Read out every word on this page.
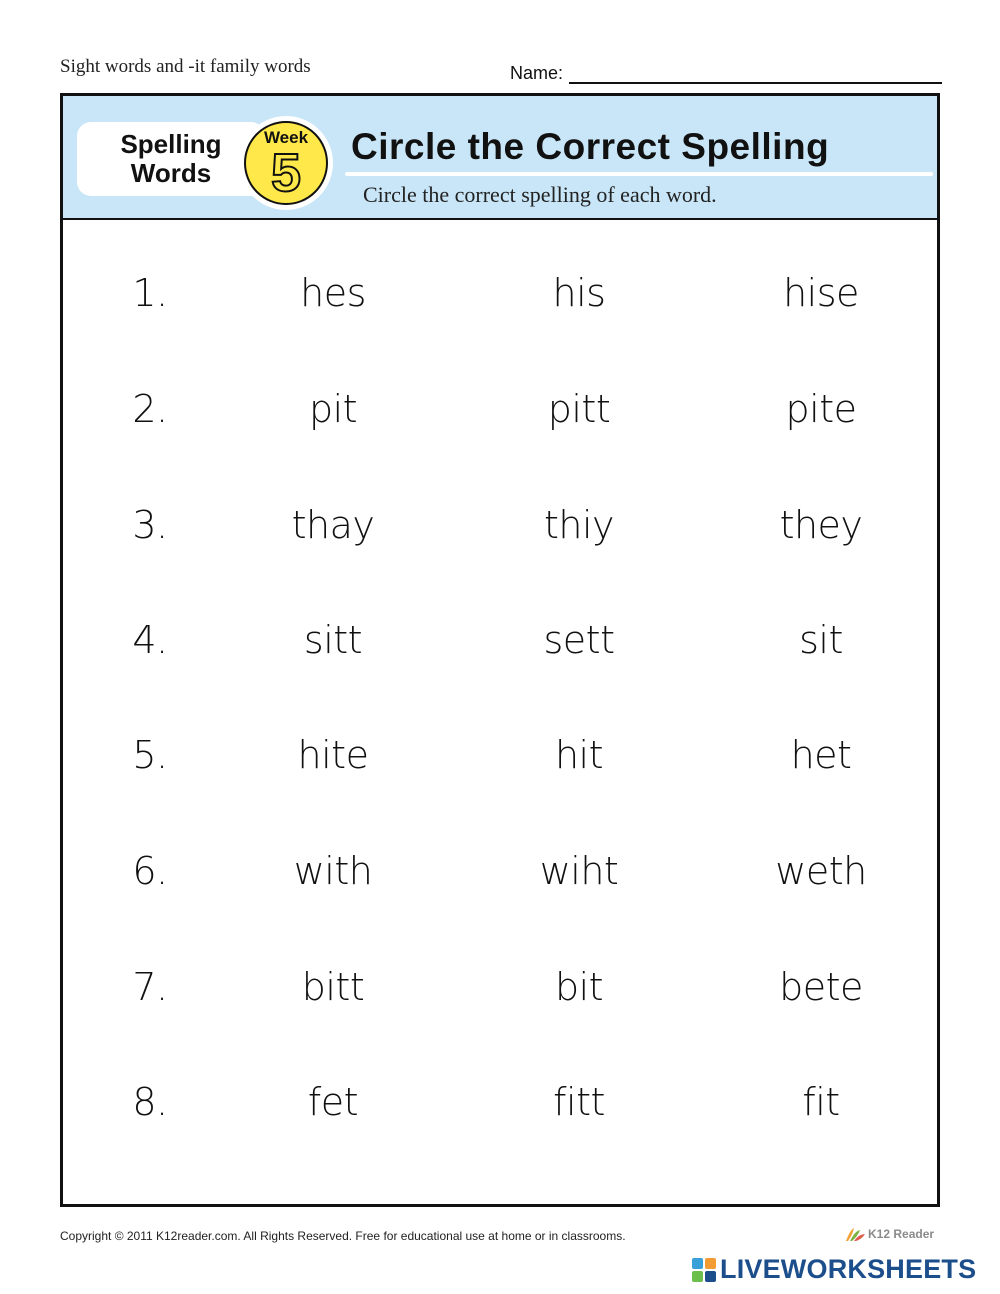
Sight words and -it family words	Name:
Spelling
Words
Week
5 Circle the Correct Spelling
Circle the correct spelling of each word.
1.	hes	his	hise
2.	pit	pitt	pite
3.	thay	thiy	they
4.	sitt	sett	sit
5.	hite	hit	het
6.	with	wiht	weth
7.	bitt	bit	bete
8.	fet	fitt	fit
Copyright © 2011 K12reader.com. All Rights Reserved. Free for educational use at home or in classrooms.	K12 Reader
LIVEWORKSHEETS
